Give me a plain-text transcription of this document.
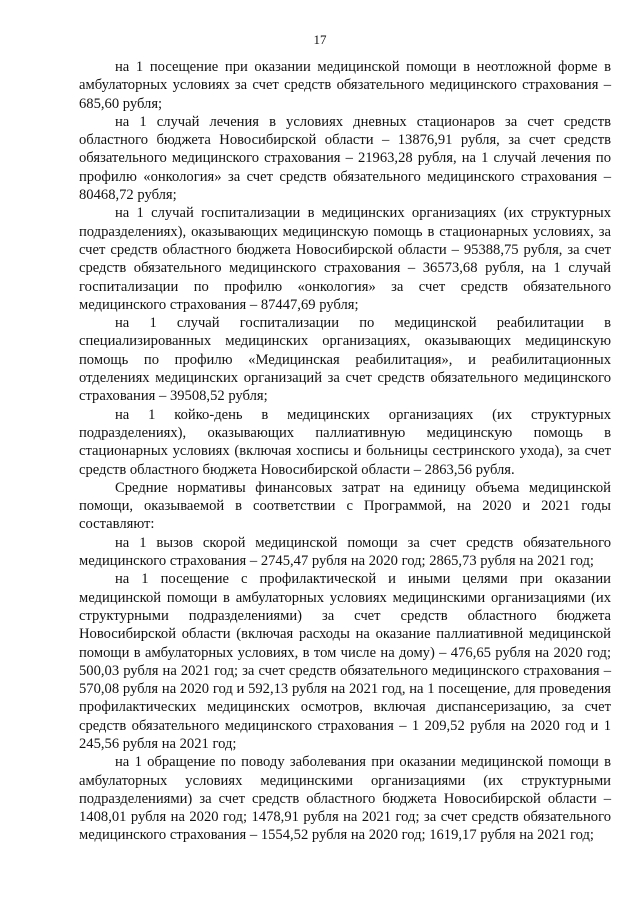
17

на 1 посещение при оказании медицинской помощи в неотложной форме в амбулаторных условиях за счет средств обязательного медицинского страхования – 685,60 рубля;

на 1 случай лечения в условиях дневных стационаров за счет средств областного бюджета Новосибирской области – 13876,91 рубля, за счет средств обязательного медицинского страхования – 21963,28 рубля, на 1 случай лечения по профилю «онкология» за счет средств обязательного медицинского страхования – 80468,72 рубля;

на 1 случай госпитализации в медицинских организациях (их структурных подразделениях), оказывающих медицинскую помощь в стационарных условиях, за счет средств областного бюджета Новосибирской области – 95388,75 рубля, за счет средств обязательного медицинского страхования – 36573,68 рубля, на 1 случай госпитализации по профилю «онкология» за счет средств обязательного медицинского страхования – 87447,69 рубля;

на 1 случай госпитализации по медицинской реабилитации в специализированных медицинских организациях, оказывающих медицинскую помощь по профилю «Медицинская реабилитация», и реабилитационных отделениях медицинских организаций за счет средств обязательного медицинского страхования – 39508,52 рубля;

на 1 койко-день в медицинских организациях (их структурных подразделениях), оказывающих паллиативную медицинскую помощь в стационарных условиях (включая хосписы и больницы сестринского ухода), за счет средств областного бюджета Новосибирской области – 2863,56 рубля.

Средние нормативы финансовых затрат на единицу объема медицинской помощи, оказываемой в соответствии с Программой, на 2020 и 2021 годы составляют:

на 1 вызов скорой медицинской помощи за счет средств обязательного медицинского страхования – 2745,47 рубля на 2020 год; 2865,73 рубля на 2021 год;

на 1 посещение с профилактической и иными целями при оказании медицинской помощи в амбулаторных условиях медицинскими организациями (их структурными подразделениями) за счет средств областного бюджета Новосибирской области (включая расходы на оказание паллиативной медицинской помощи в амбулаторных условиях, в том числе на дому) – 476,65 рубля на 2020 год; 500,03 рубля на 2021 год; за счет средств обязательного медицинского страхования – 570,08 рубля на 2020 год и 592,13 рубля на 2021 год, на 1 посещение, для проведения профилактических медицинских осмотров, включая диспансеризацию, за счет средств обязательного медицинского страхования – 1 209,52 рубля на 2020 год и 1 245,56 рубля на 2021 год;

на 1 обращение по поводу заболевания при оказании медицинской помощи в амбулаторных условиях медицинскими организациями (их структурными подразделениями) за счет средств областного бюджета Новосибирской области – 1408,01 рубля на 2020 год; 1478,91 рубля на 2021 год; за счет средств обязательного медицинского страхования – 1554,52 рубля на 2020 год; 1619,17 рубля на 2021 год;
